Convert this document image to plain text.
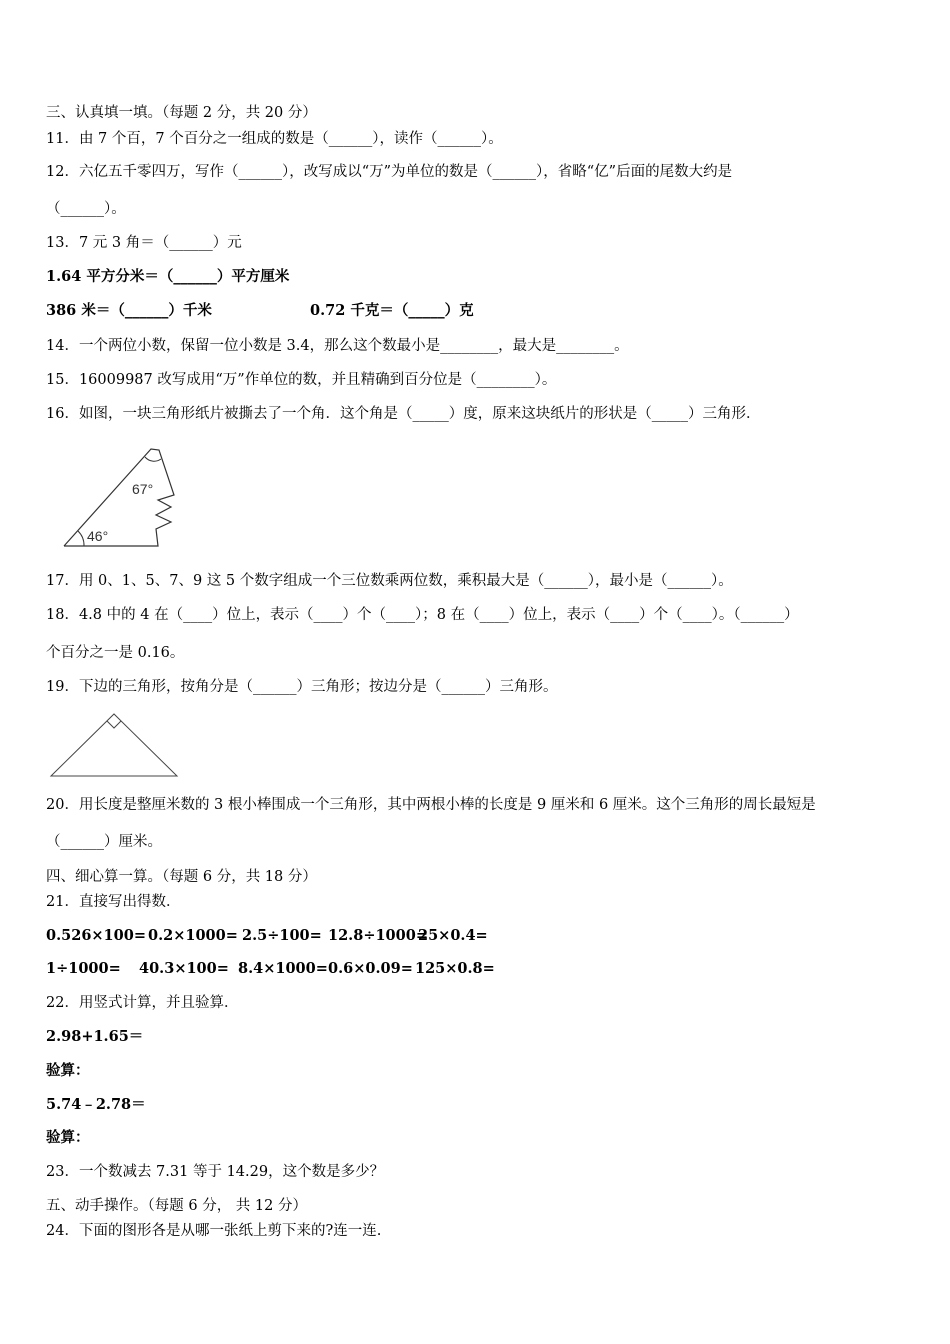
三、认真填一填。（每题 2 分，共 20 分）
11．由 7 个百，7 个百分之一组成的数是（______），读作（______）。
12．六亿五千零四万，写作（______），改写成以“万”为单位的数是（______），省略“亿”后面的尾数大约是
（______）。
13．7 元 3 角＝（______）元
1.64 平方分米＝（______）平方厘米
386 米＝（______）千米	0.72 千克＝（_____）克
14．一个两位小数，保留一位小数是 3.4，那么这个数最小是________，最大是________。
15．16009987 改写成用“万”作单位的数，并且精确到百分位是（________）。
16．如图，一块三角形纸片被撕去了一个角．这个角是（_____）度，原来这块纸片的形状是（_____）三角形．
67°
46°
17．用 0、1、5、7、9 这 5 个数字组成一个三位数乘两位数，乘积最大是（______），最小是（______）。
18．4.8 中的 4 在（____）位上，表示（____）个（____）；8 在（____）位上，表示（____）个（____）。（______）
个百分之一是 0.16。
19．下边的三角形，按角分是（______）三角形；按边分是（______）三角形。
20．用长度是整厘米数的 3 根小棒围成一个三角形，其中两根小棒的长度是 9 厘米和 6 厘米。这个三角形的周长最短是
（______）厘米。
四、细心算一算。（每题 6 分，共 18 分）
21．直接写出得数．
0.526×100= 0.2×1000= 2.5÷100= 12.8÷1000=
25×0.4=
1÷1000= 40.3×100= 8.4×1000= 0.6×0.09= 125×0.8=
22．用竖式计算，并且验算．
2.98+1.65＝
验算：
5.74﹣2.78＝
验算：
23．一个数减去 7.31 等于 14.29，这个数是多少？
五、动手操作。（每题 6 分， 共 12 分）
24．下面的图形各是从哪一张纸上剪下来的?连一连.
